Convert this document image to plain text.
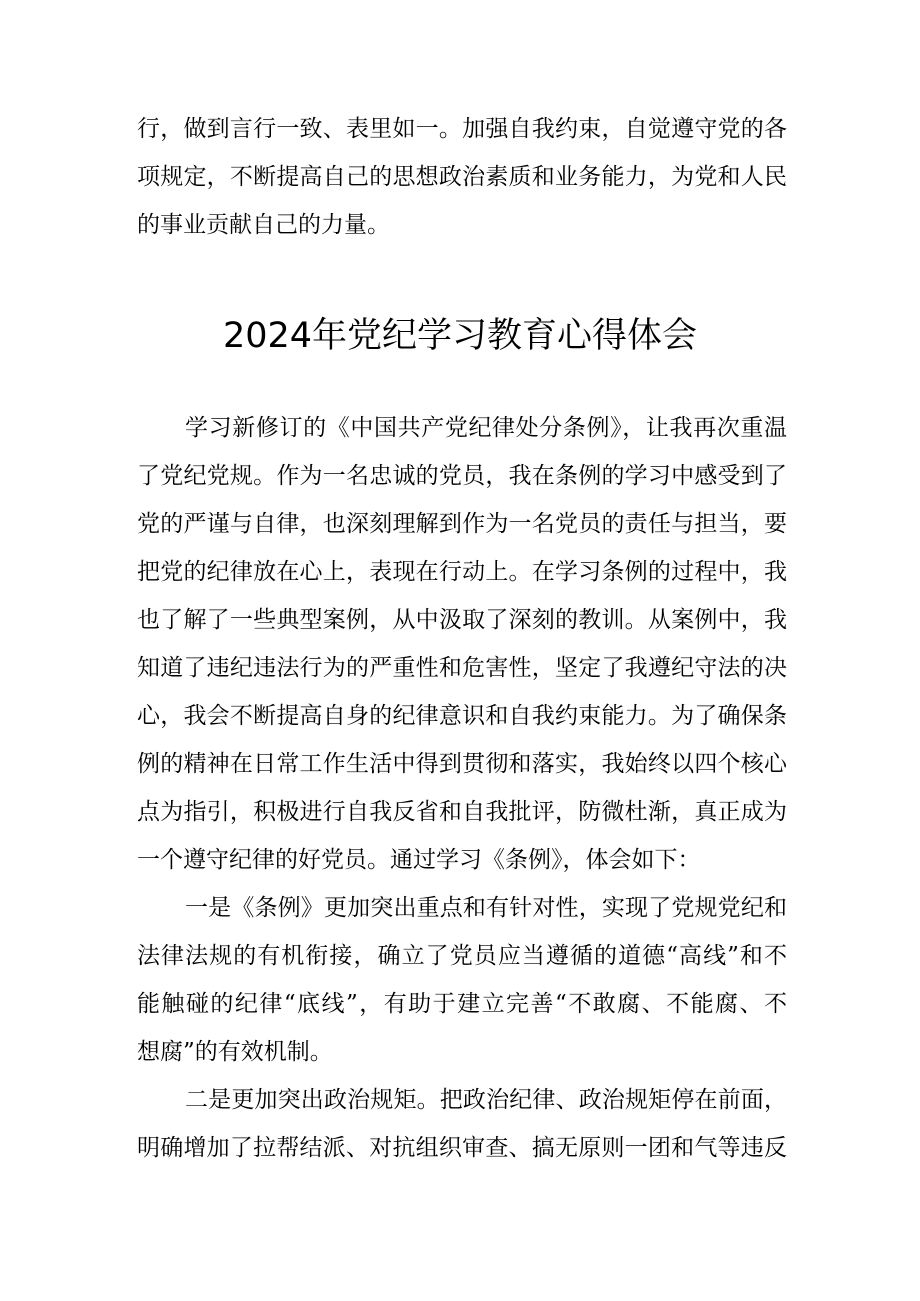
行，做到言行一致、表里如一。加强自我约束，自觉遵守党的各
项规定，不断提高自己的思想政治素质和业务能力，为党和人民
的事业贡献自己的力量。
2024年党纪学习教育心得体会
学习新修订的《中国共产党纪律处分条例》，让我再次重温
了党纪党规。作为一名忠诚的党员，我在条例的学习中感受到了
党的严谨与自律，也深刻理解到作为一名党员的责任与担当，要
把党的纪律放在心上，表现在行动上。在学习条例的过程中，我
也了解了一些典型案例，从中汲取了深刻的教训。从案例中，我
知道了违纪违法行为的严重性和危害性，坚定了我遵纪守法的决
心，我会不断提高自身的纪律意识和自我约束能力。为了确保条
例的精神在日常工作生活中得到贯彻和落实，我始终以四个核心
点为指引，积极进行自我反省和自我批评，防微杜渐，真正成为
一个遵守纪律的好党员。通过学习《条例》，体会如下：
一是《条例》更加突出重点和有针对性，实现了党规党纪和
法律法规的有机衔接，确立了党员应当遵循的道德“高线”和不
能触碰的纪律“底线”，有助于建立完善“不敢腐、不能腐、不
想腐”的有效机制。
二是更加突出政治规矩。把政治纪律、政治规矩停在前面，
明确增加了拉帮结派、对抗组织审查、搞无原则一团和气等违反
